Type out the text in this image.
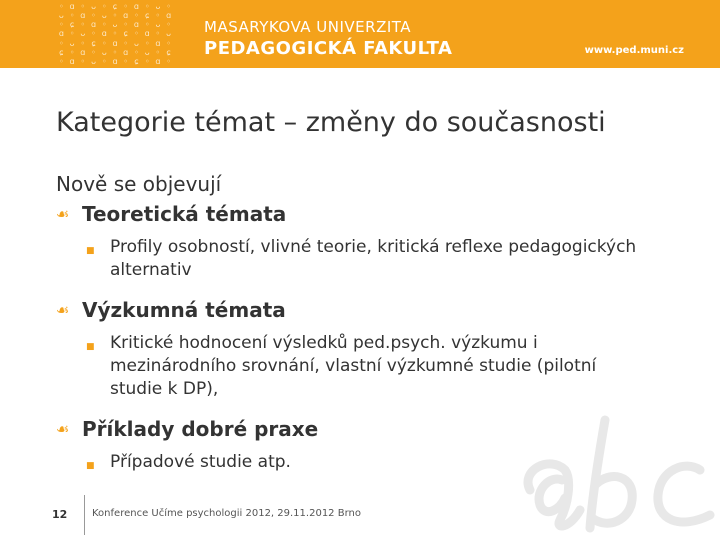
◦ ɑ ◦ ᴗ ◦ ɕ ◦ ɑ ◦ ᴗ ◦
ᴗ ◦ ɑ ◦ ᴗ ◦ ɑ ◦ ɕ ◦ ɑ
◦ ɕ ◦ ɑ ◦ ᴗ ◦ ɑ ◦ ᴗ ◦
ɑ ◦ ᴗ ◦ ɑ ◦ ɕ ◦ ɑ ◦ ᴗ
◦ ᴗ ◦ ɕ ◦ ɑ ◦ ᴗ ◦ ɑ ◦
ɕ ◦ ɑ ◦ ᴗ ◦ ɑ ◦ ᴗ ◦ ɕ
◦ ɑ ◦ ᴗ ◦ ɑ ◦ ɕ ◦ ɑ ◦
MASARYKOVA UNIVERZITA
PEDAGOGICKÁ FAKULTA	www.ped.muni.cz
Kategorie témat – změny do současnosti
Nově se objevují
☙ Teoretická témata
■ Profily osobností, vlivné teorie, kritická reflexe pedagogických alternativ
☙ Výzkumná témata
■ Kritické hodnocení výsledků ped.psych. výzkumu i mezinárodního srovnání, vlastní výzkumné studie (pilotní studie k DP),
☙ Příklady dobré praxe
■ Případové studie atp.
12 Konference Učíme psychologii 2012, 29.11.2012 Brno
